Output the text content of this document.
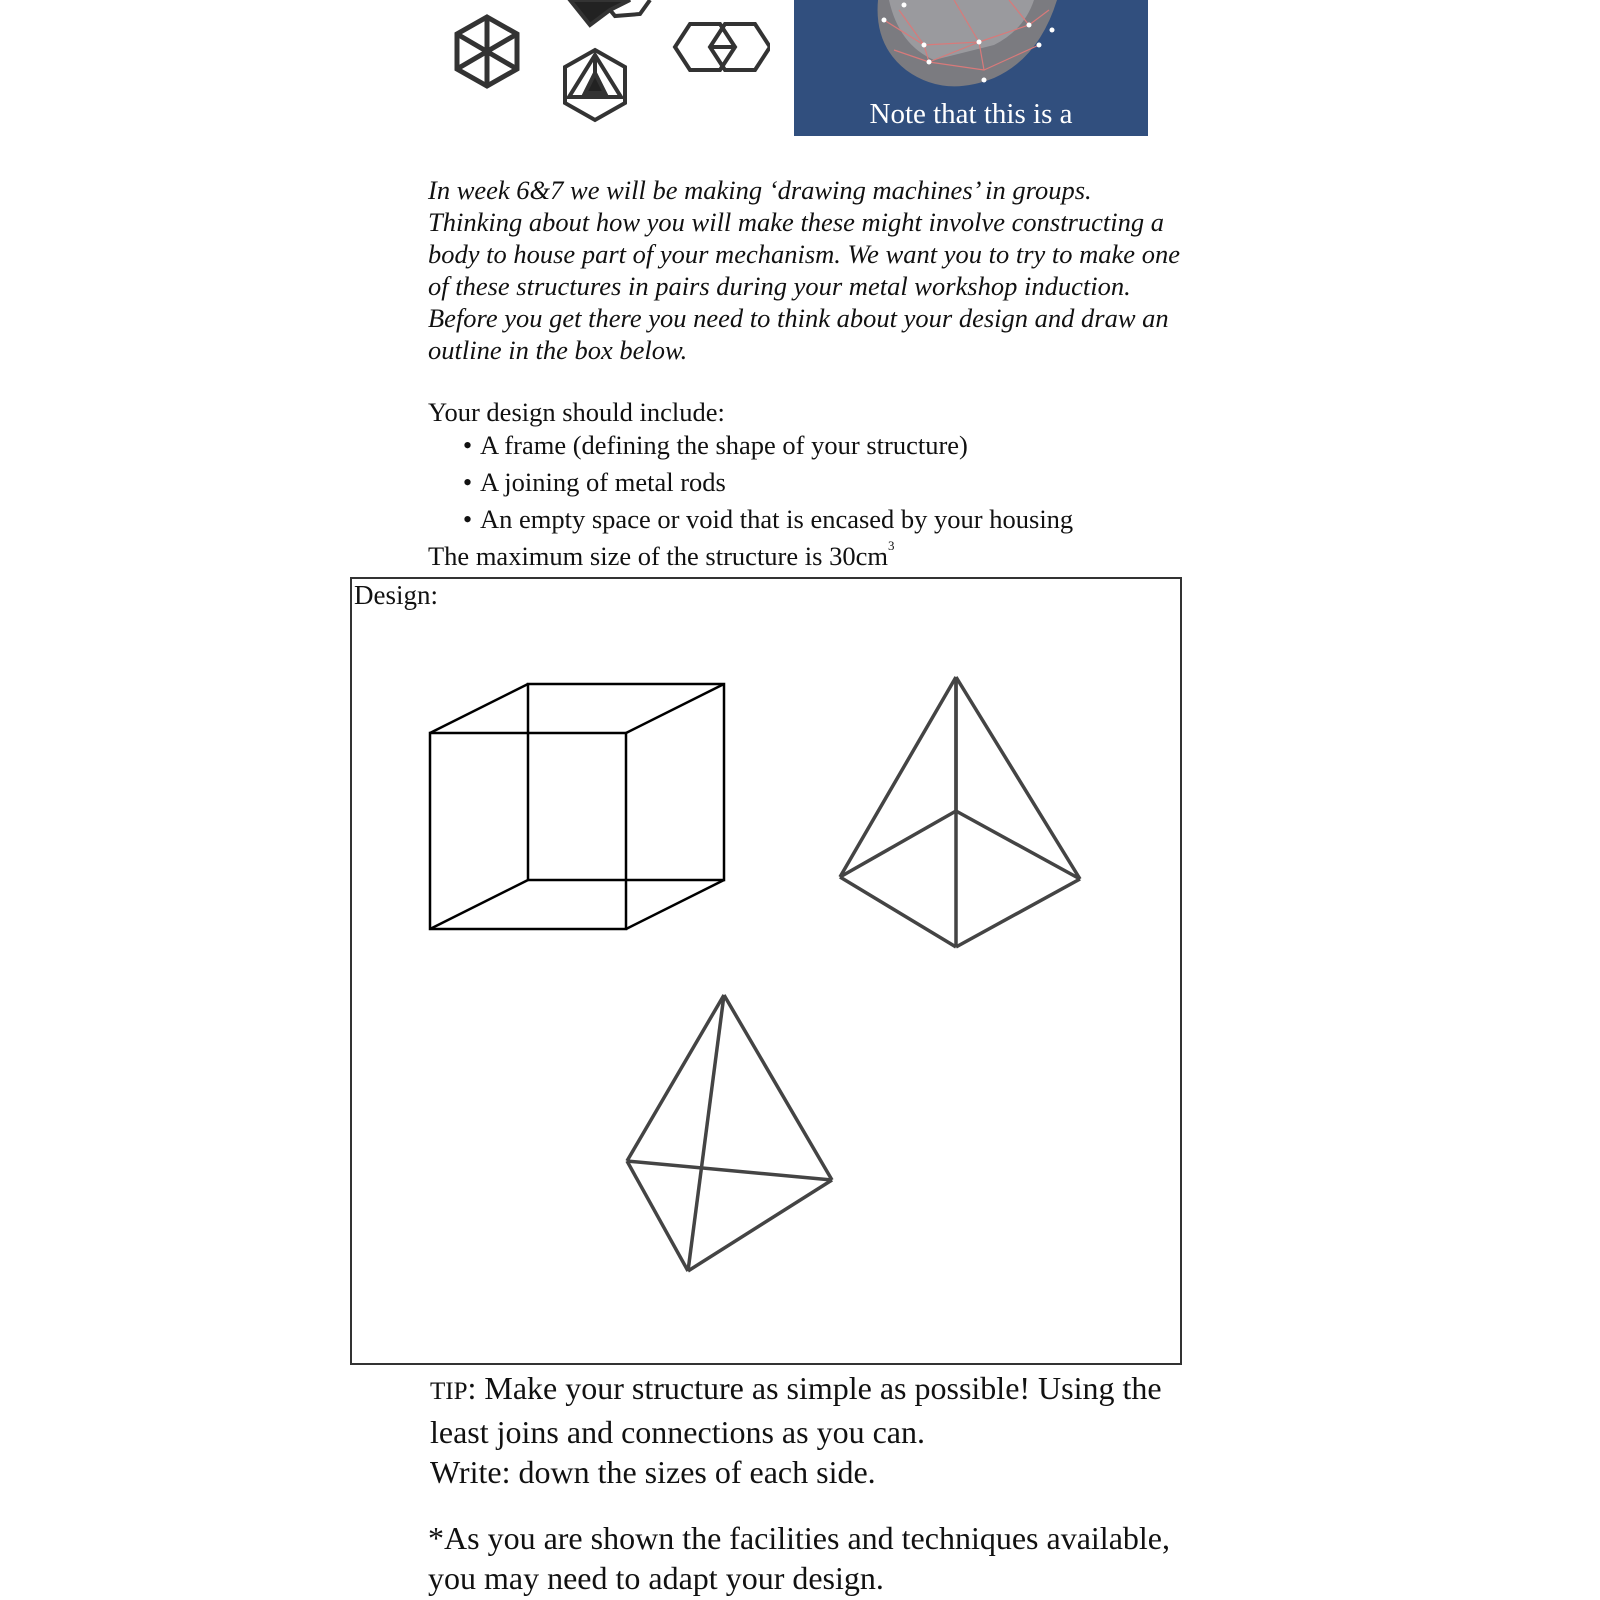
Note that this is a
In week 6&7 we will be making ‘drawing machines’ in groups. Thinking about how you will make these might involve constructing a body to house part of your mechanism. We want you to try to make one of these structures in pairs during your metal workshop induction. Before you get there you need to think about your design and draw an outline in the box below.
Your design should include:
• A frame (defining the shape of your structure)
• A joining of metal rods
• An empty space or void that is encased by your housing
The maximum size of the structure is $30cm^3$
Design:
TIP: Make your structure as simple as possible! Using the least joins and connections as you can.
Write: down the sizes of each side.
*As you are shown the facilities and techniques available, you may need to adapt your design.
